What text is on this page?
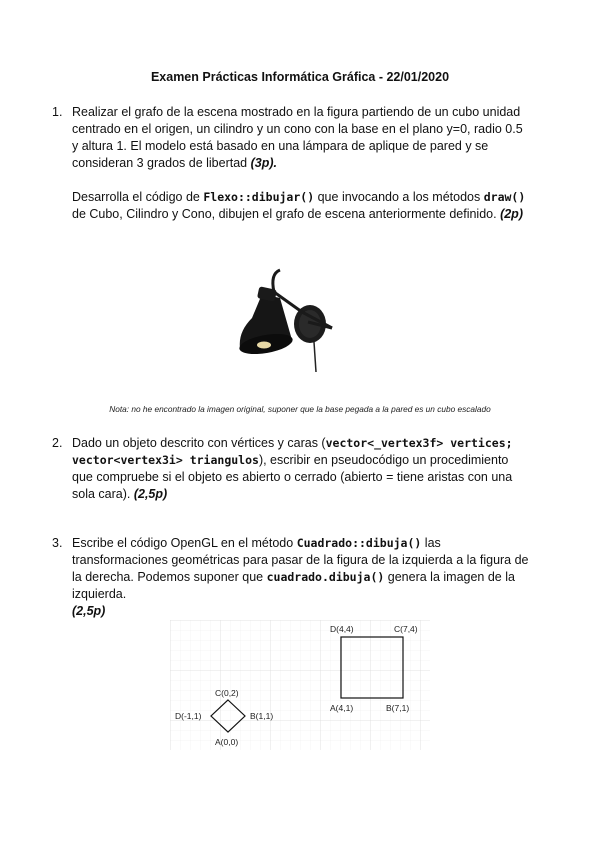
Examen Prácticas Informática Gráfica - 22/01/2020
1. Realizar el grafo de la escena mostrado en la figura partiendo de un cubo unidad centrado en el origen, un cilindro y un cono con la base en el plano y=0, radio 0.5 y altura 1. El modelo está basado en una lámpara de aplique de pared y se consideran 3 grados de libertad (3p).

Desarrolla el código de Flexo::dibujar() que invocando a los métodos draw() de Cubo, Cilindro y Cono, dibujen el grafo de escena anteriormente definido. (2p)

Nota: no he encontrado la imagen original, suponer que la base pegada a la pared es un cubo escalado
2. Dado un objeto descrito con vértices y caras (vector<_vertex3f> vertices; vector<vertex3i> triangulos), escribir en pseudocódigo un procedimiento que compruebe si el objeto es abierto o cerrado (abierto = tiene aristas con una sola cara). (2,5p)

3. Escribe el código OpenGL en el método Cuadrado::dibuja() las transformaciones geométricas para pasar de la figura de la izquierda a la figura de la derecha. Podemos suponer que cuadrado.dibuja() genera la imagen de la izquierda.
(2,5p)

C(0,2)
B(1,1)
D(-1,1)
A(0,0)
D(4,4)	C(7,4)
A(4,1)	B(7,1)
